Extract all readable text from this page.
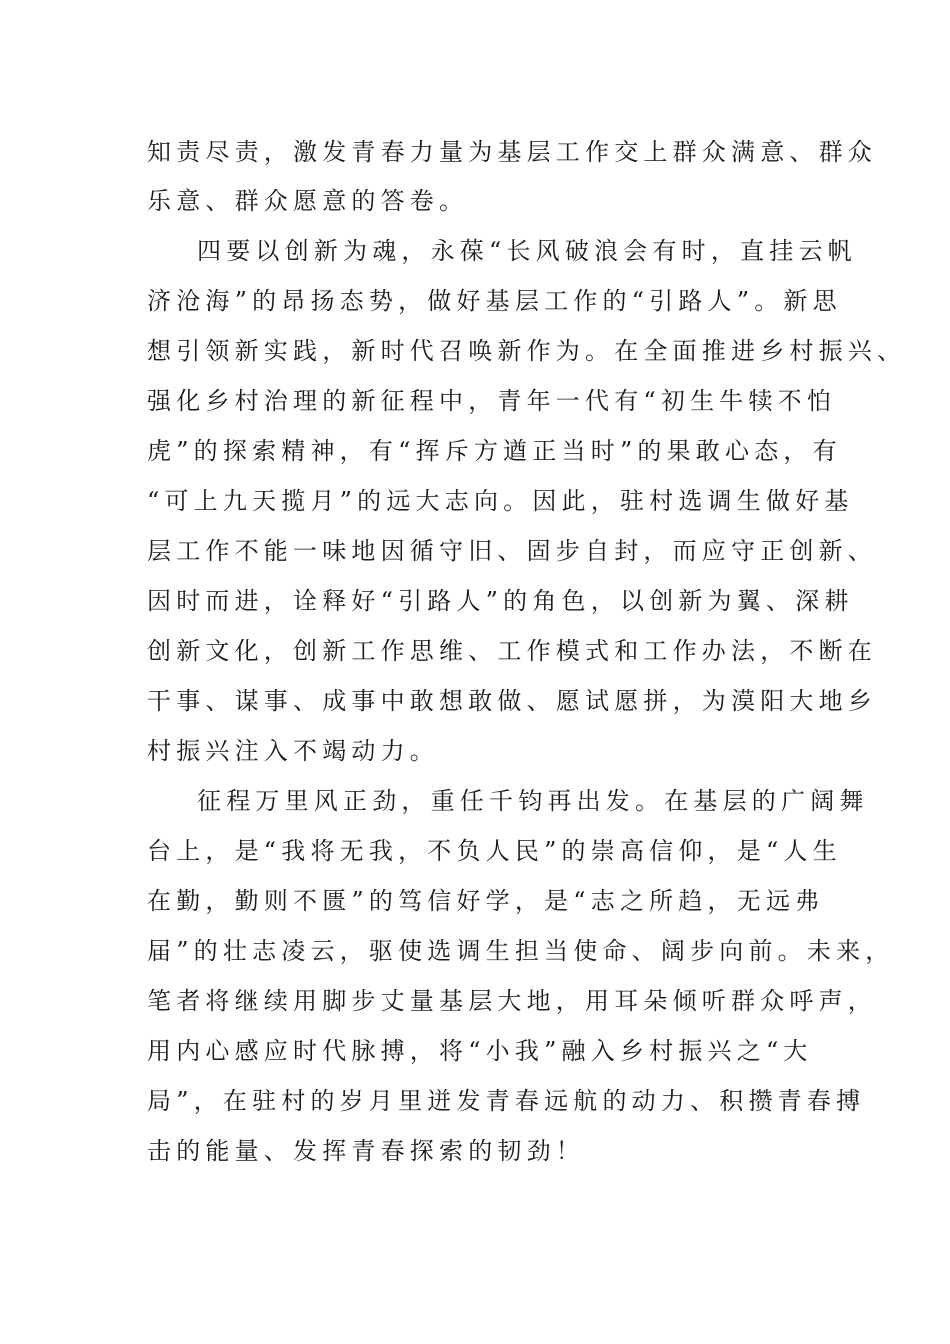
知责尽责，激发青春力量为基层工作交上群众满意、群众
乐意、群众愿意的答卷。
四要以创新为魂，永葆“长风破浪会有时，直挂云帆
济沧海”的昂扬态势，做好基层工作的“引路人”。新思
想引领新实践，新时代召唤新作为。在全面推进乡村振兴、
强化乡村治理的新征程中，青年一代有“初生牛犊不怕
虎”的探索精神，有“挥斥方遒正当时”的果敢心态，有
“可上九天揽月”的远大志向。因此，驻村选调生做好基
层工作不能一味地因循守旧、固步自封，而应守正创新、
因时而进，诠释好“引路人”的角色，以创新为翼、深耕
创新文化，创新工作思维、工作模式和工作办法，不断在
干事、谋事、成事中敢想敢做、愿试愿拼，为漠阳大地乡
村振兴注入不竭动力。
征程万里风正劲，重任千钧再出发。在基层的广阔舞
台上，是“我将无我，不负人民”的崇高信仰，是“人生
在勤，勤则不匮”的笃信好学，是“志之所趋，无远弗
届”的壮志凌云，驱使选调生担当使命、阔步向前。未来，
笔者将继续用脚步丈量基层大地，用耳朵倾听群众呼声，
用内心感应时代脉搏，将“小我”融入乡村振兴之“大
局”，在驻村的岁月里迸发青春远航的动力、积攒青春搏
击的能量、发挥青春探索的韧劲！
